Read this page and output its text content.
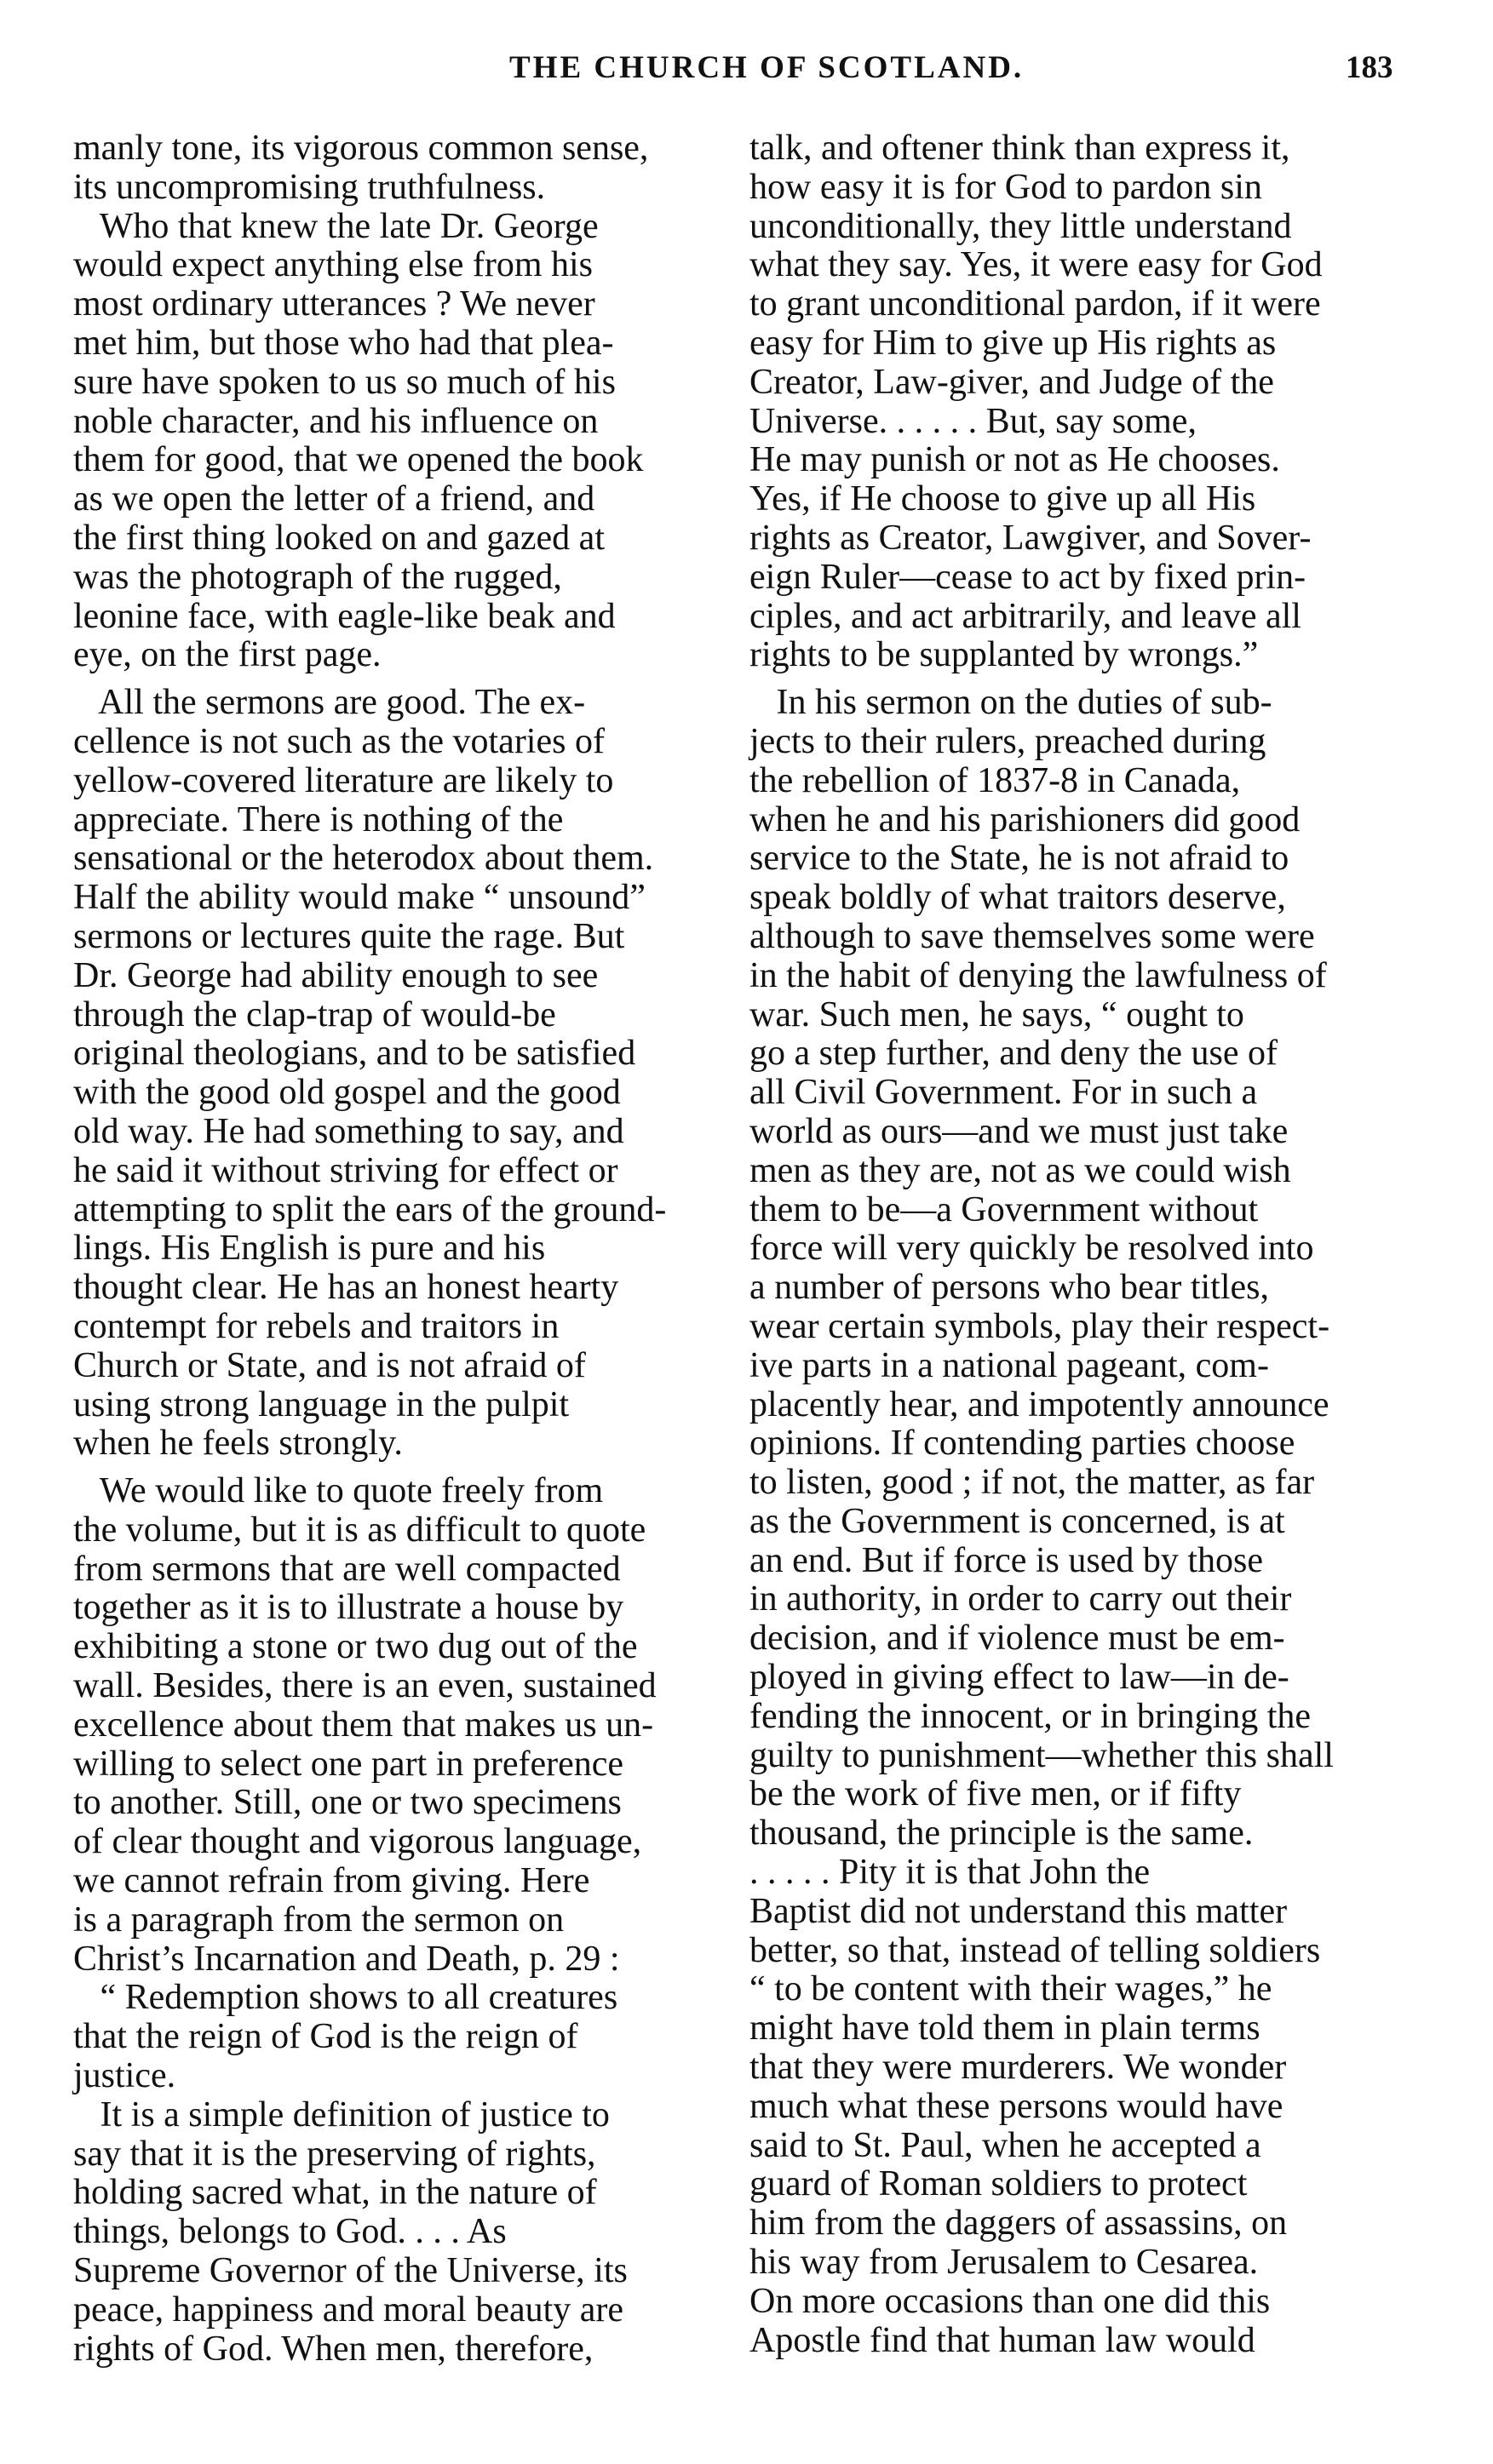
THE CHURCH OF SCOTLAND.	183
manly tone, its vigorous common sense,
its uncompromising truthfulness.
Who that knew the late Dr. George
would expect anything else from his
most ordinary utterances ? We never
met him, but those who had that plea-
sure have spoken to us so much of his
noble character, and his influence on
them for good, that we opened the book
as we open the letter of a friend, and
the first thing looked on and gazed at
was the photograph of the rugged,
leonine face, with eagle-like beak and
eye, on the first page.
All the sermons are good. The ex-
cellence is not such as the votaries of
yellow-covered literature are likely to
appreciate. There is nothing of the
sensational or the heterodox about them.
Half the ability would make “ unsound”
sermons or lectures quite the rage. But
Dr. George had ability enough to see
through the clap-trap of would-be
original theologians, and to be satisfied
with the good old gospel and the good
old way. He had something to say, and
he said it without striving for effect or
attempting to split the ears of the ground-
lings. His English is pure and his
thought clear. He has an honest hearty
contempt for rebels and traitors in
Church or State, and is not afraid of
using strong language in the pulpit
when he feels strongly.
We would like to quote freely from
the volume, but it is as difficult to quote
from sermons that are well compacted
together as it is to illustrate a house by
exhibiting a stone or two dug out of the
wall. Besides, there is an even, sustained
excellence about them that makes us un-
willing to select one part in preference
to another. Still, one or two specimens
of clear thought and vigorous language,
we cannot refrain from giving. Here
is a paragraph from the sermon on
Christ’s Incarnation and Death, p. 29 :
“ Redemption shows to all creatures
that the reign of God is the reign of
justice.
It is a simple definition of justice to
say that it is the preserving of rights,
holding sacred what, in the nature of
things, belongs to God. . . . As
Supreme Governor of the Universe, its
peace, happiness and moral beauty are
rights of God. When men, therefore,
talk, and oftener think than express it,
how easy it is for God to pardon sin
unconditionally, they little understand
what they say. Yes, it were easy for God
to grant unconditional pardon, if it were
easy for Him to give up His rights as
Creator, Law-giver, and Judge of the
Universe. . . . . . But, say some,
He may punish or not as He chooses.
Yes, if He choose to give up all His
rights as Creator, Lawgiver, and Sover-
eign Ruler—cease to act by fixed prin-
ciples, and act arbitrarily, and leave all
rights to be supplanted by wrongs.”
In his sermon on the duties of sub-
jects to their rulers, preached during
the rebellion of 1837-8 in Canada,
when he and his parishioners did good
service to the State, he is not afraid to
speak boldly of what traitors deserve,
although to save themselves some were
in the habit of denying the lawfulness of
war. Such men, he says, “ ought to
go a step further, and deny the use of
all Civil Government. For in such a
world as ours—and we must just take
men as they are, not as we could wish
them to be—a Government without
force will very quickly be resolved into
a number of persons who bear titles,
wear certain symbols, play their respect-
ive parts in a national pageant, com-
placently hear, and impotently announce
opinions. If contending parties choose
to listen, good ; if not, the matter, as far
as the Government is concerned, is at
an end. But if force is used by those
in authority, in order to carry out their
decision, and if violence must be em-
ployed in giving effect to law—in de-
fending the innocent, or in bringing the
guilty to punishment—whether this shall
be the work of five men, or if fifty
thousand, the principle is the same.
. . . . . Pity it is that John the
Baptist did not understand this matter
better, so that, instead of telling soldiers
“ to be content with their wages,” he
might have told them in plain terms
that they were murderers. We wonder
much what these persons would have
said to St. Paul, when he accepted a
guard of Roman soldiers to protect
him from the daggers of assassins, on
his way from Jerusalem to Cesarea.
On more occasions than one did this
Apostle find that human law would
